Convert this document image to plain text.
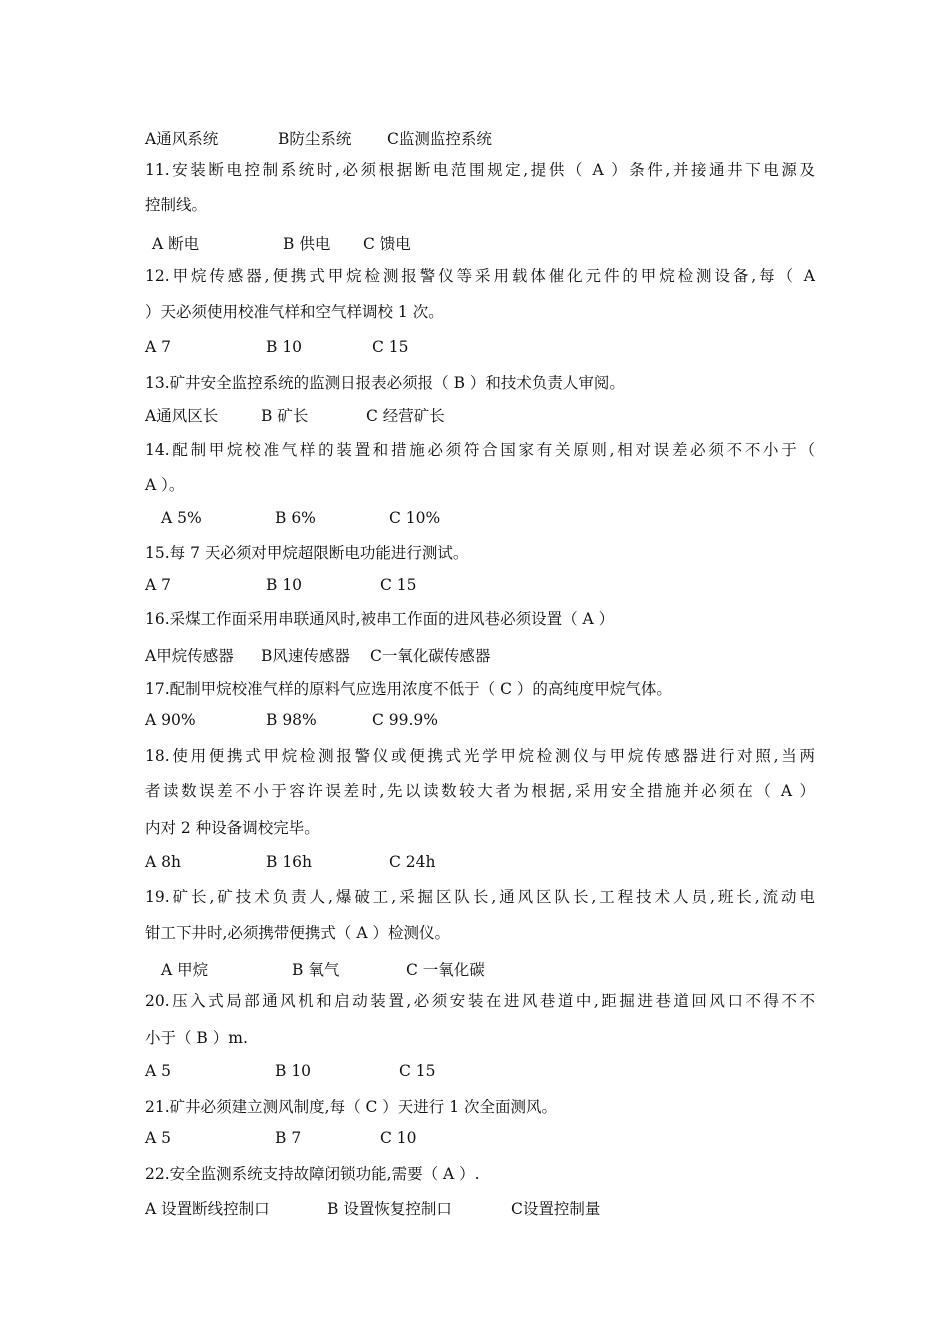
A通风系统	B防尘系统 C监测监控系统
11.安装断电控制系统时,必须根据断电范围规定,提供（ A ）条件,并接通井下电源及
控制线。
A 断电	B 供电 C 馈电
12.甲烷传感器,便携式甲烷检测报警仪等采用载体催化元件的甲烷检测设备,每（ A
）天必须使用校准气样和空气样调校 1 次。
A 7	B 10	C 15
13.矿井安全监控系统的监测日报表必须报（ B ）和技术负责人审阅。
A通风区长	B 矿长	C 经营矿长
14.配制甲烷校准气样的装置和措施必须符合国家有关原则,相对误差必须不不小于（
A ）。
A 5%	B 6%	C 10%
15.每 7 天必须对甲烷超限断电功能进行测试。
A 7	B 10	C 15
16.采煤工作面采用串联通风时,被串工作面的进风巷必须设置（ A ）
A甲烷传感器 B风速传感器 C一氧化碳传感器
17.配制甲烷校准气样的原料气应选用浓度不低于（ C ）的高纯度甲烷气体。
A 90%	B 98%	C 99.9%
18.使用便携式甲烷检测报警仪或便携式光学甲烷检测仪与甲烷传感器进行对照,当两
者读数误差不小于容许误差时,先以读数较大者为根据,采用安全措施并必须在（ A ）
内对 2 种设备调校完毕。
A 8h	B 16h	C 24h
19.矿长,矿技术负责人,爆破工,采掘区队长,通风区队长,工程技术人员,班长,流动电
钳工下井时,必须携带便携式（ A ）检测仪。
A 甲烷	B 氧气	C 一氧化碳
20.压入式局部通风机和启动装置,必须安装在进风巷道中,距掘进巷道回风口不得不不
小于（ B ）m.
A 5	B 10	C 15
21.矿井必须建立测风制度,每（ C ）天进行 1 次全面测风。
A 5	B 7	C 10
22.安全监测系统支持故障闭锁功能,需要（ A ）.
A 设置断线控制口	B 设置恢复控制口	C设置控制量
